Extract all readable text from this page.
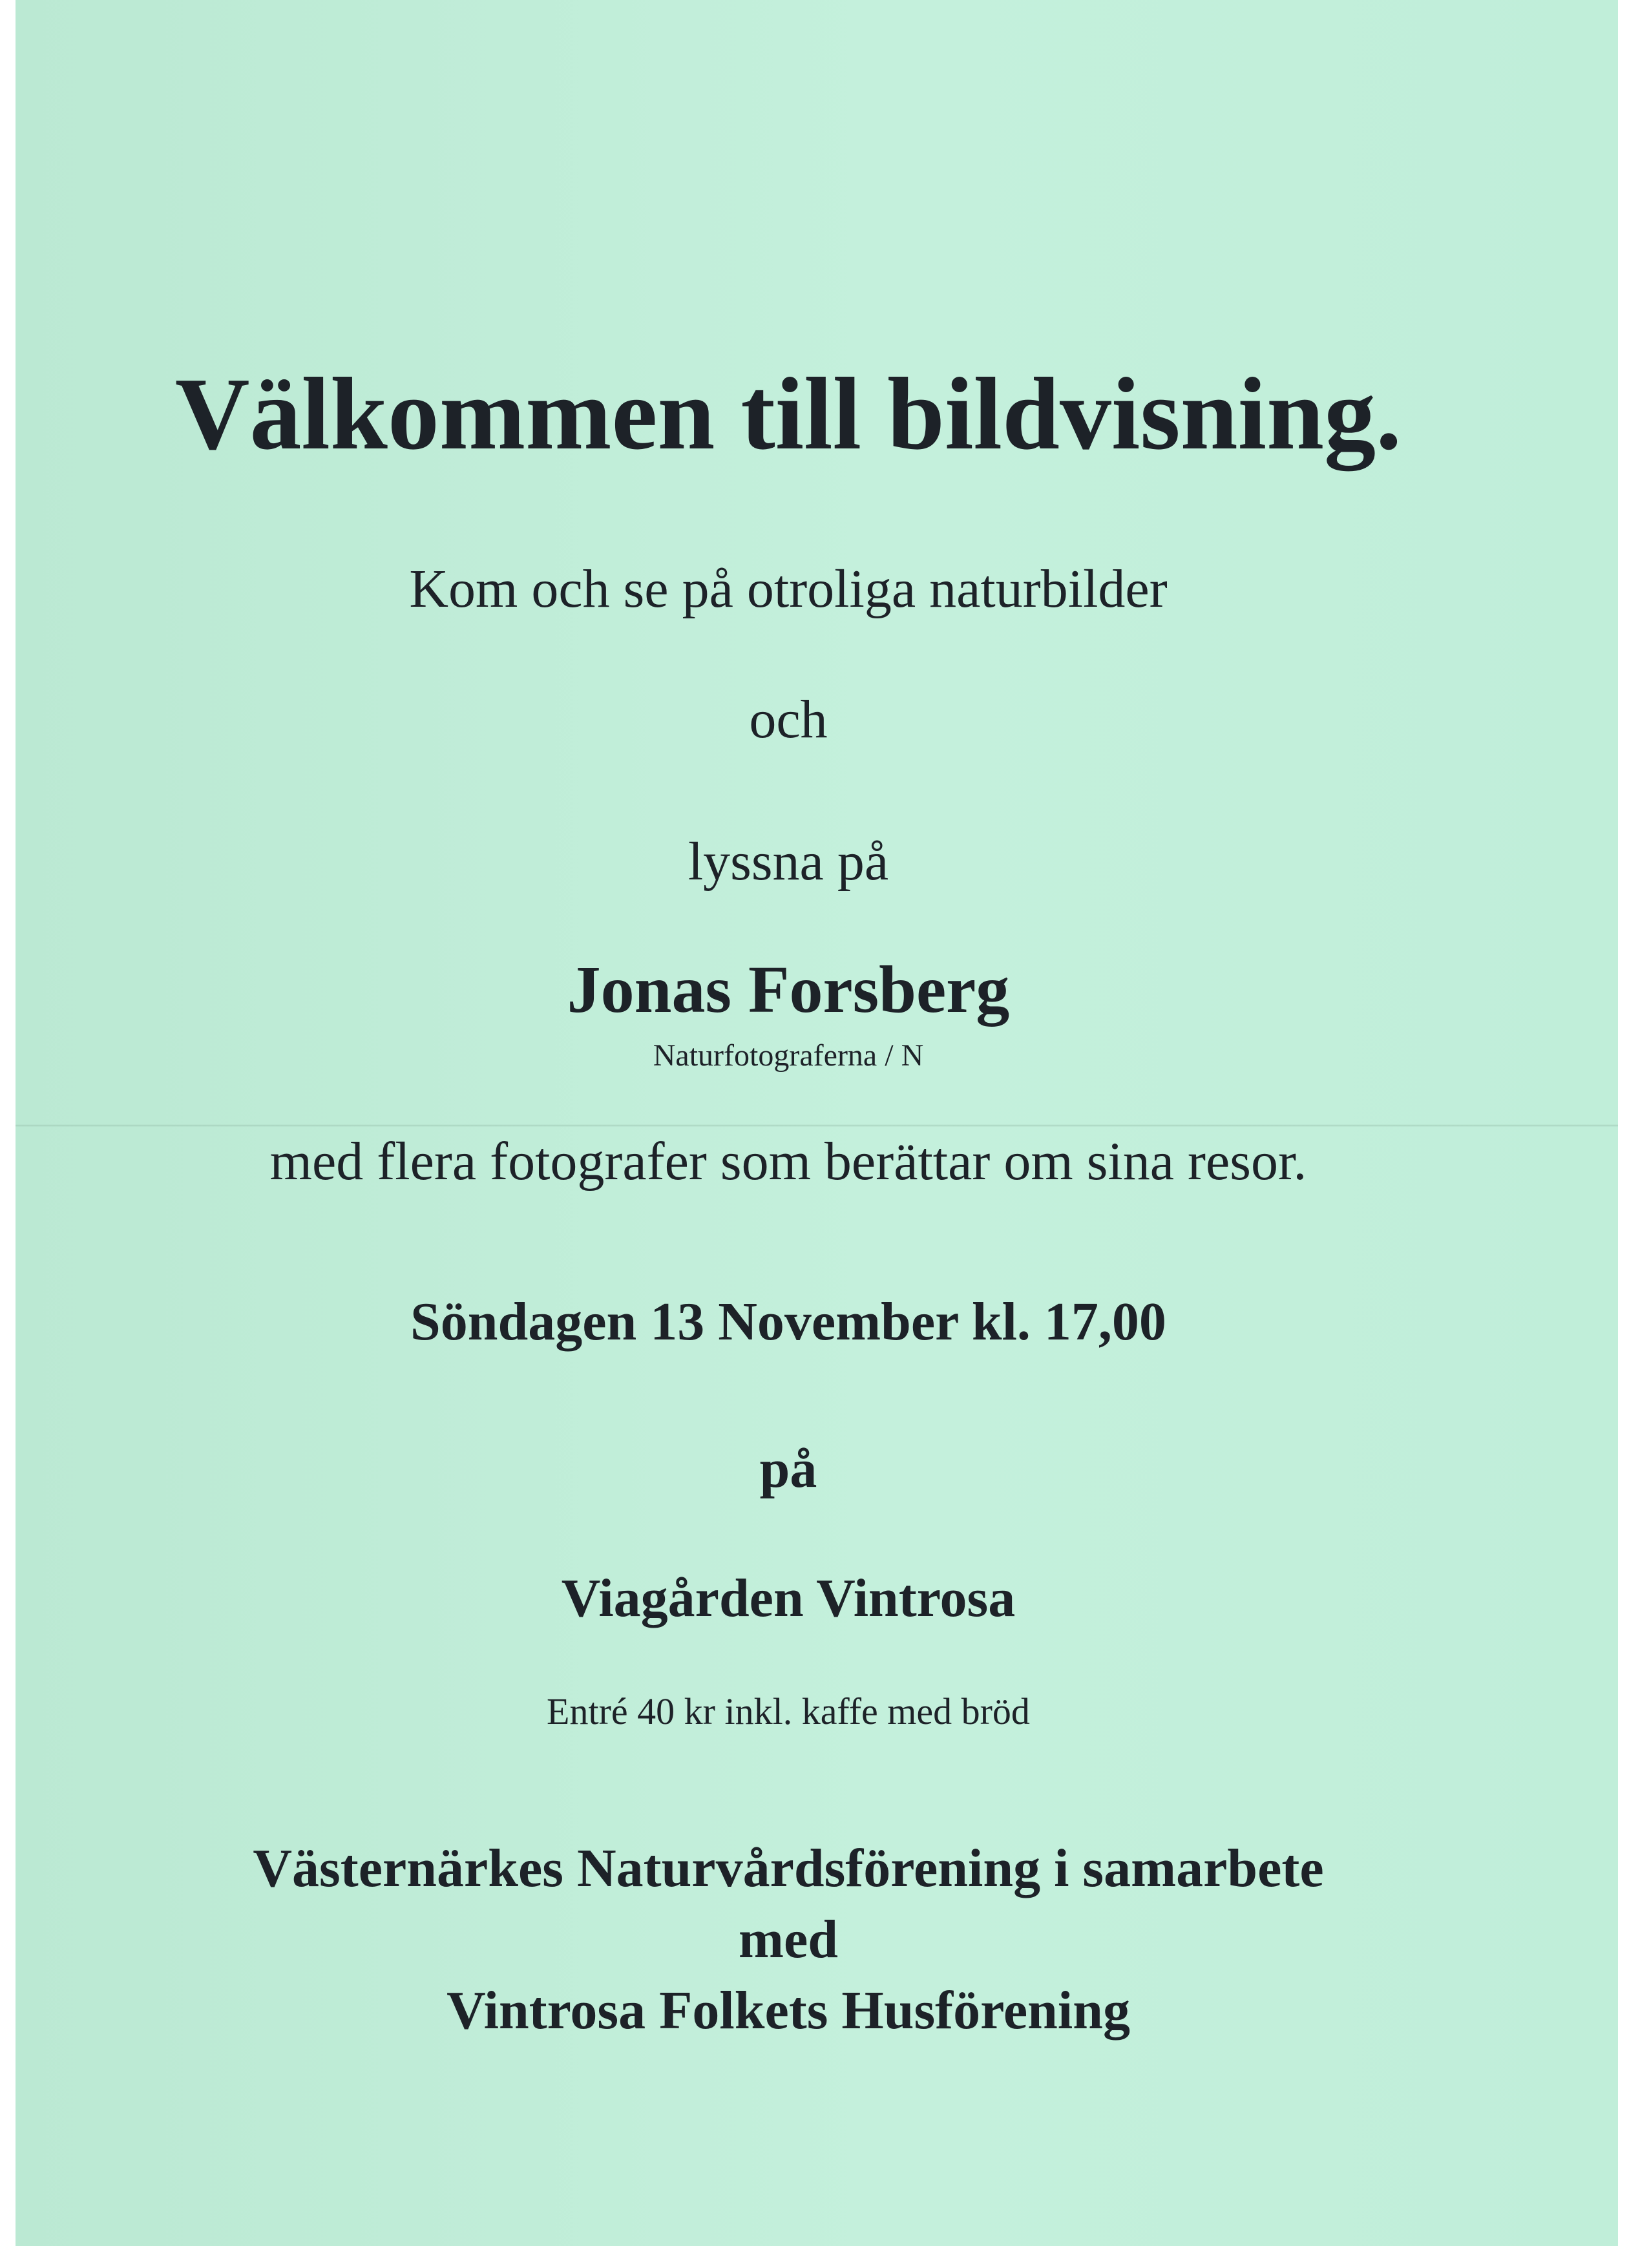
Välkommen till bildvisning.
Kom och se på otroliga naturbilder
och
lyssna på
Jonas Forsberg
Naturfotograferna / N
med flera fotografer som berättar om sina resor.
Söndagen 13 November kl. 17,00
på
Viagården Vintrosa
Entré 40 kr inkl. kaffe med bröd
Västernärkes Naturvårdsförening i samarbete
med
Vintrosa Folkets Husförening
